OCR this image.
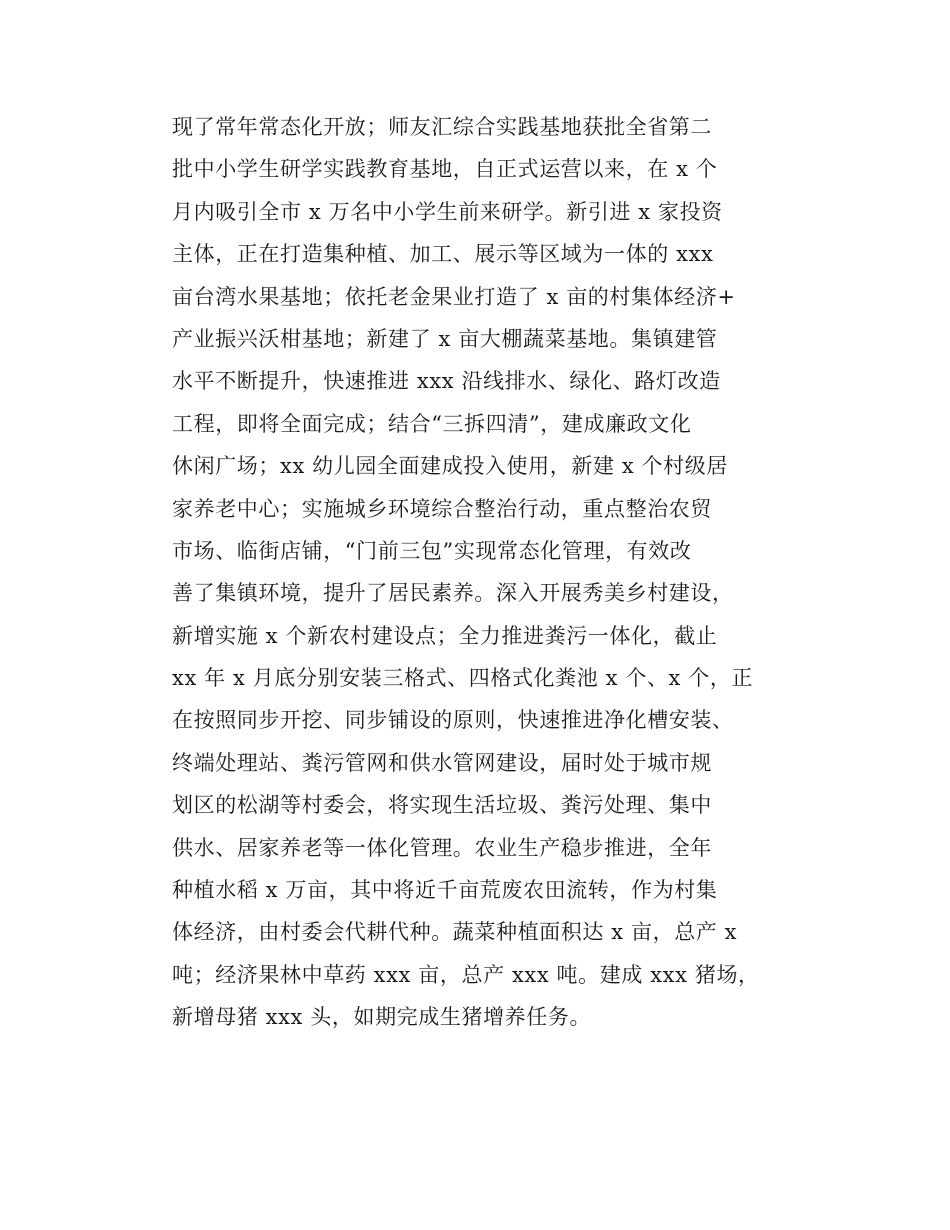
现了常年常态化开放；师友汇综合实践基地获批全省第二
批中小学生研学实践教育基地，自正式运营以来，在 x 个
月内吸引全市 x 万名中小学生前来研学。新引进 x 家投资
主体，正在打造集种植、加工、展示等区域为一体的 xxx
亩台湾水果基地；依托老金果业打造了 x 亩的村集体经济+
产业振兴沃柑基地；新建了 x 亩大棚蔬菜基地。集镇建管
水平不断提升，快速推进 xxx 沿线排水、绿化、路灯改造
工程，即将全面完成；结合“三拆四清”，建成廉政文化
休闲广场；xx 幼儿园全面建成投入使用，新建 x 个村级居
家养老中心；实施城乡环境综合整治行动，重点整治农贸
市场、临街店铺，“门前三包”实现常态化管理，有效改
善了集镇环境，提升了居民素养。深入开展秀美乡村建设，
新增实施 x 个新农村建设点；全力推进粪污一体化，截止
xx 年 x 月底分别安装三格式、四格式化粪池 x 个、x 个，正
在按照同步开挖、同步铺设的原则，快速推进净化槽安装、
终端处理站、粪污管网和供水管网建设，届时处于城市规
划区的松湖等村委会，将实现生活垃圾、粪污处理、集中
供水、居家养老等一体化管理。农业生产稳步推进，全年
种植水稻 x 万亩，其中将近千亩荒废农田流转，作为村集
体经济，由村委会代耕代种。蔬菜种植面积达 x 亩，总产 x
吨；经济果林中草药 xxx 亩，总产 xxx 吨。建成 xxx 猪场，
新增母猪 xxx 头，如期完成生猪增养任务。
